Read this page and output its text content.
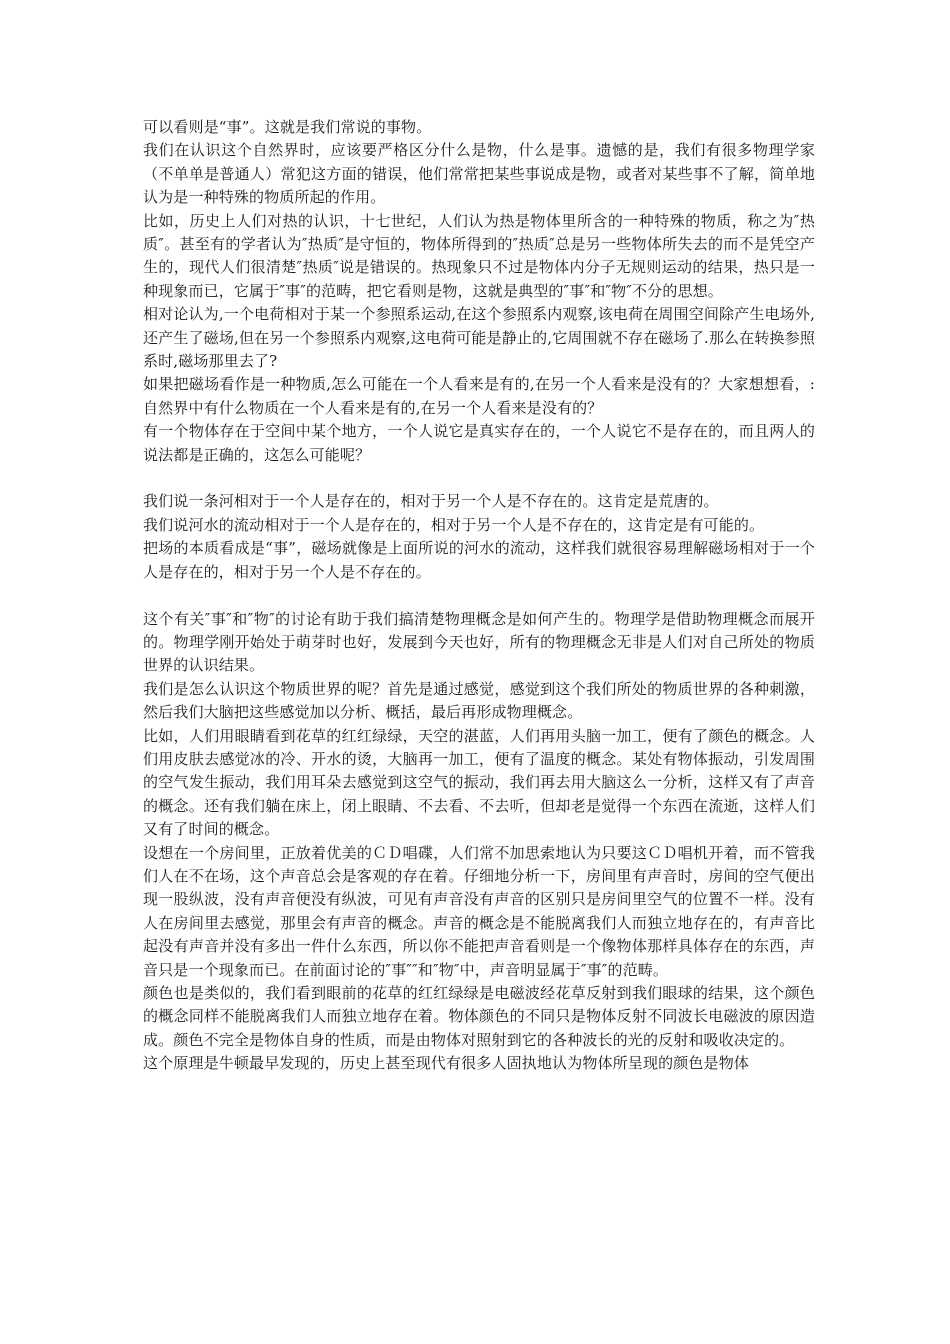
可以看则是“事”。这就是我们常说的事物。

我们在认识这个自然界时，应该要严格区分什么是物，什么是事。遗憾的是，我们有很多物理学家（不单单是普通人）常犯这方面的错误，他们常常把某些事说成是物，或者对某些事不了解，简单地认为是一种特殊的物质所起的作用。

比如，历史上人们对热的认识，十七世纪，人们认为热是物体里所含的一种特殊的物质，称之为″热质″。甚至有的学者认为″热质″是守恒的，物体所得到的″热质″总是另一些物体所失去的而不是凭空产生的，现代人们很清楚″热质″说是错误的。热现象只不过是物体内分子无规则运动的结果，热只是一种现象而已，它属于″事″的范畴，把它看则是物，这就是典型的″事″和″物″不分的思想。

相对论认为,一个电荷相对于某一个参照系运动,在这个参照系内观察,该电荷在周围空间除产生电场外,还产生了磁场,但在另一个参照系内观察,这电荷可能是静止的,它周围就不存在磁场了.那么在转换参照系时,磁场那里去了?

如果把磁场看作是一种物质,怎么可能在一个人看来是有的,在另一个人看来是没有的？大家想想看，:自然界中有什么物质在一个人看来是有的,在另一个人看来是没有的？

有一个物体存在于空间中某个地方，一个人说它是真实存在的，一个人说它不是存在的，而且两人的说法都是正确的，这怎么可能呢？

我们说一条河相对于一个人是存在的，相对于另一个人是不存在的。这肯定是荒唐的。

我们说河水的流动相对于一个人是存在的，相对于另一个人是不存在的，这肯定是有可能的。

把场的本质看成是“事”，磁场就像是上面所说的河水的流动，这样我们就很容易理解磁场相对于一个人是存在的，相对于另一个人是不存在的。

这个有关″事″和″物″的讨论有助于我们搞清楚物理概念是如何产生的。物理学是借助物理概念而展开的。物理学刚开始处于萌芽时也好，发展到今天也好，所有的物理概念无非是人们对自己所处的物质世界的认识结果。

我们是怎么认识这个物质世界的呢？首先是通过感觉，感觉到这个我们所处的物质世界的各种刺激，然后我们大脑把这些感觉加以分析、概括，最后再形成物理概念。

比如，人们用眼睛看到花草的红红绿绿，天空的湛蓝，人们再用头脑一加工，便有了颜色的概念。人们用皮肤去感觉冰的冷、开水的烫，大脑再一加工，便有了温度的概念。某处有物体振动，引发周围的空气发生振动，我们用耳朵去感觉到这空气的振动，我们再去用大脑这么一分析，这样又有了声音的概念。还有我们躺在床上，闭上眼睛、不去看、不去听，但却老是觉得一个东西在流逝，这样人们又有了时间的概念。

设想在一个房间里，正放着优美的ＣＤ唱碟，人们常不加思索地认为只要这ＣＤ唱机开着，而不管我们人在不在场，这个声音总会是客观的存在着。仔细地分析一下，房间里有声音时，房间的空气便出现一股纵波，没有声音便没有纵波，可见有声音没有声音的区别只是房间里空气的位置不一样。没有人在房间里去感觉，那里会有声音的概念。声音的概念是不能脱离我们人而独立地存在的，有声音比起没有声音并没有多出一件什么东西，所以你不能把声音看则是一个像物体那样具体存在的东西，声音只是一个现象而已。在前面讨论的″事″″和″物″中，声音明显属于″事″的范畴。

颜色也是类似的，我们看到眼前的花草的红红绿绿是电磁波经花草反射到我们眼球的结果，这个颜色的概念同样不能脱离我们人而独立地存在着。物体颜色的不同只是物体反射不同波长电磁波的原因造成。颜色不完全是物体自身的性质，而是由物体对照射到它的各种波长的光的反射和吸收决定的。

这个原理是牛顿最早发现的，历史上甚至现代有很多人固执地认为物体所呈现的颜色是物体
